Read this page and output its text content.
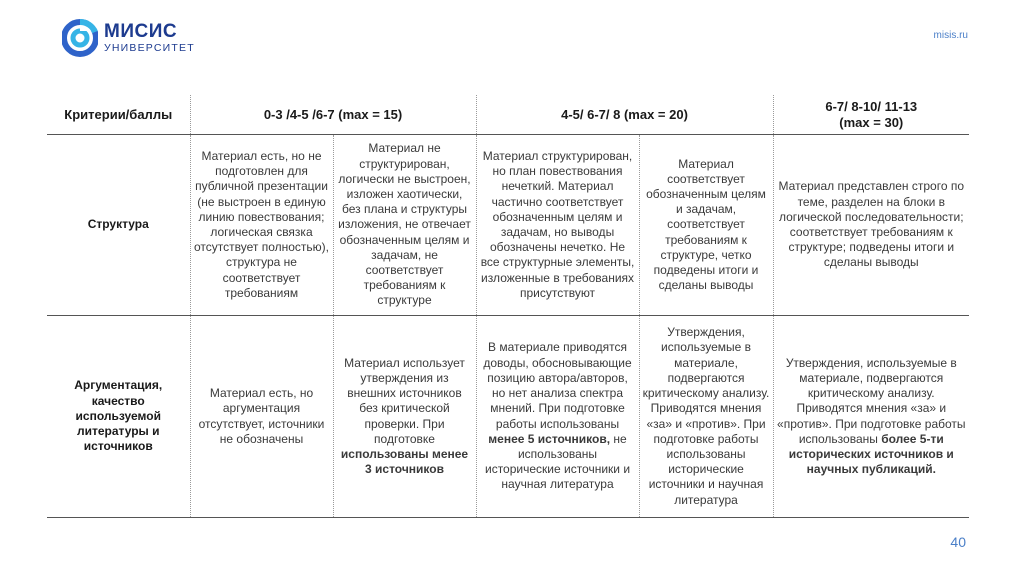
МИСИС
УНИВЕРСИТЕТ
misis.ru
Критерии/баллы	0-3 /4-5 /6-7 (max = 15)		4-5/ 6-7/ 8 (max = 20)		6-7/ 8-10/ 11-13
(max = 30)
Структура	Материал есть, но не подготовлен для публичной презентации (не выстроен в единую линию повествования; логическая связка отсутствует полностью), структура не соответствует требованиям	Материал не структурирован, логически не выстроен, изложен хаотически, без плана и структуры изложения, не отвечает обозначенным целям и задачам, не соответствует требованиям к структуре	Материал структурирован, но план повествования нечеткий. Материал частично соответствует обозначенным целям и задачам, но выводы обозначены нечетко. Не все структурные элементы, изложенные в требованиях присутствуют	Материал соответствует обозначенным целям и задачам, соответствует требованиям к структуре, четко подведены итоги и сделаны выводы	Материал представлен строго по теме, разделен на блоки в логической последовательности; соответствует требованиям к структуре; подведены итоги и сделаны выводы
Аргументация, качество используемой литературы и источников	Материал есть, но аргументация отсутствует, источники не обозначены	Материал использует утверждения из внешних источников без критической проверки. При подготовке использованы менее 3 источников	В материале приводятся доводы, обосновывающие позицию автора/авторов, но нет анализа спектра мнений. При подготовке работы использованы менее 5 источников, не использованы исторические источники и научная литература	Утверждения, используемые в материале, подвергаются критическому анализу. Приводятся мнения «за» и «против». При подготовке работы использованы исторические источники и научная литература	Утверждения, используемые в материале, подвергаются критическому анализу. Приводятся мнения «за» и «против». При подготовке работы использованы более 5-ти исторических источников и научных публикаций.
40
